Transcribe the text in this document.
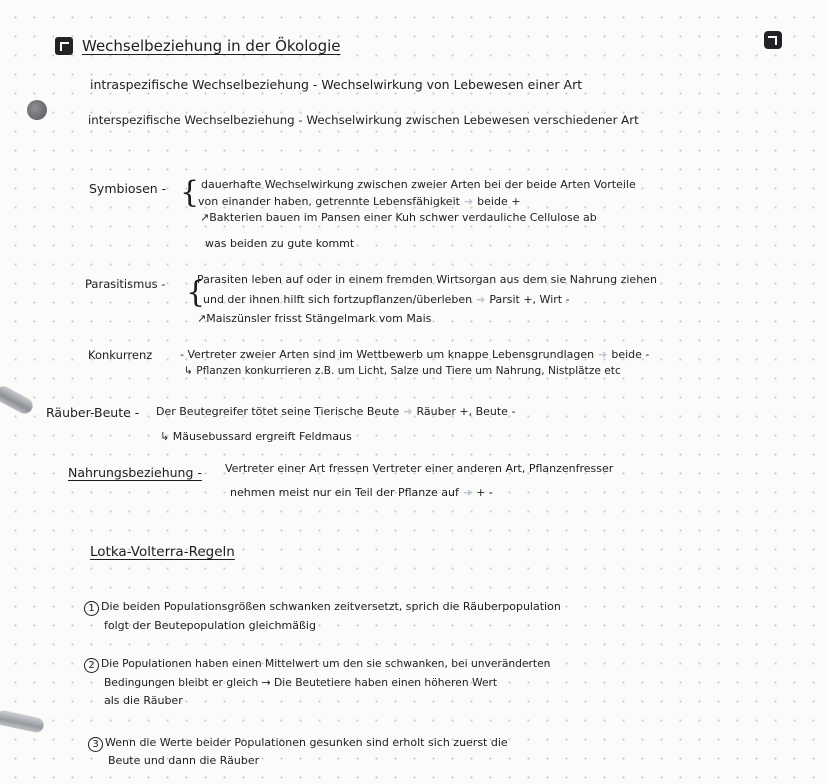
Wechselbeziehung in der Ökologie
intraspezifische Wechselbeziehung - Wechselwirkung von Lebewesen einer Art
interspezifische Wechselbeziehung - Wechselwirkung zwischen Lebewesen verschiedener Art
Symbiosen - { dauerhafte Wechselwirkung zwischen zweier Arten bei der beide Arten Vorteile
von einander haben, getrennte Lebensfähigkeit ➜ beide +
↗Bakterien bauen im Pansen einer Kuh schwer verdauliche Cellulose ab
was beiden zu gute kommt
Parasitismus - {
Parasiten leben auf oder in einem fremden Wirtsorgan aus dem sie Nahrung ziehen
und der ihnen hilft sich fortzupflanzen/überleben ➜ Parsit +, Wirt -
↗Maiszünsler frisst Stängelmark vom Mais
Konkurrenz	- Vertreter zweier Arten sind im Wettbewerb um knappe Lebensgrundlagen ➜ beide -
↳ Pflanzen konkurrieren z.B. um Licht, Salze und Tiere um Nahrung, Nistplätze etc
Räuber-Beute - Der Beutegreifer tötet seine Tierische Beute ➜ Räuber +, Beute -
↳ Mäusebussard ergreift Feldmaus
Nahrungsbeziehung - Vertreter einer Art fressen Vertreter einer anderen Art, Pflanzenfresser
nehmen meist nur ein Teil der Pflanze auf ➜ + -
Lotka-Volterra-Regeln
1 Die beiden Populationsgrößen schwanken zeitversetzt, sprich die Räuberpopulation
folgt der Beutepopulation gleichmäßig
2 Die Populationen haben einen Mittelwert um den sie schwanken, bei unveränderten
Bedingungen bleibt er gleich → Die Beutetiere haben einen höheren Wert
als die Räuber
3 Wenn die Werte beider Populationen gesunken sind erholt sich zuerst die
Beute und dann die Räuber
